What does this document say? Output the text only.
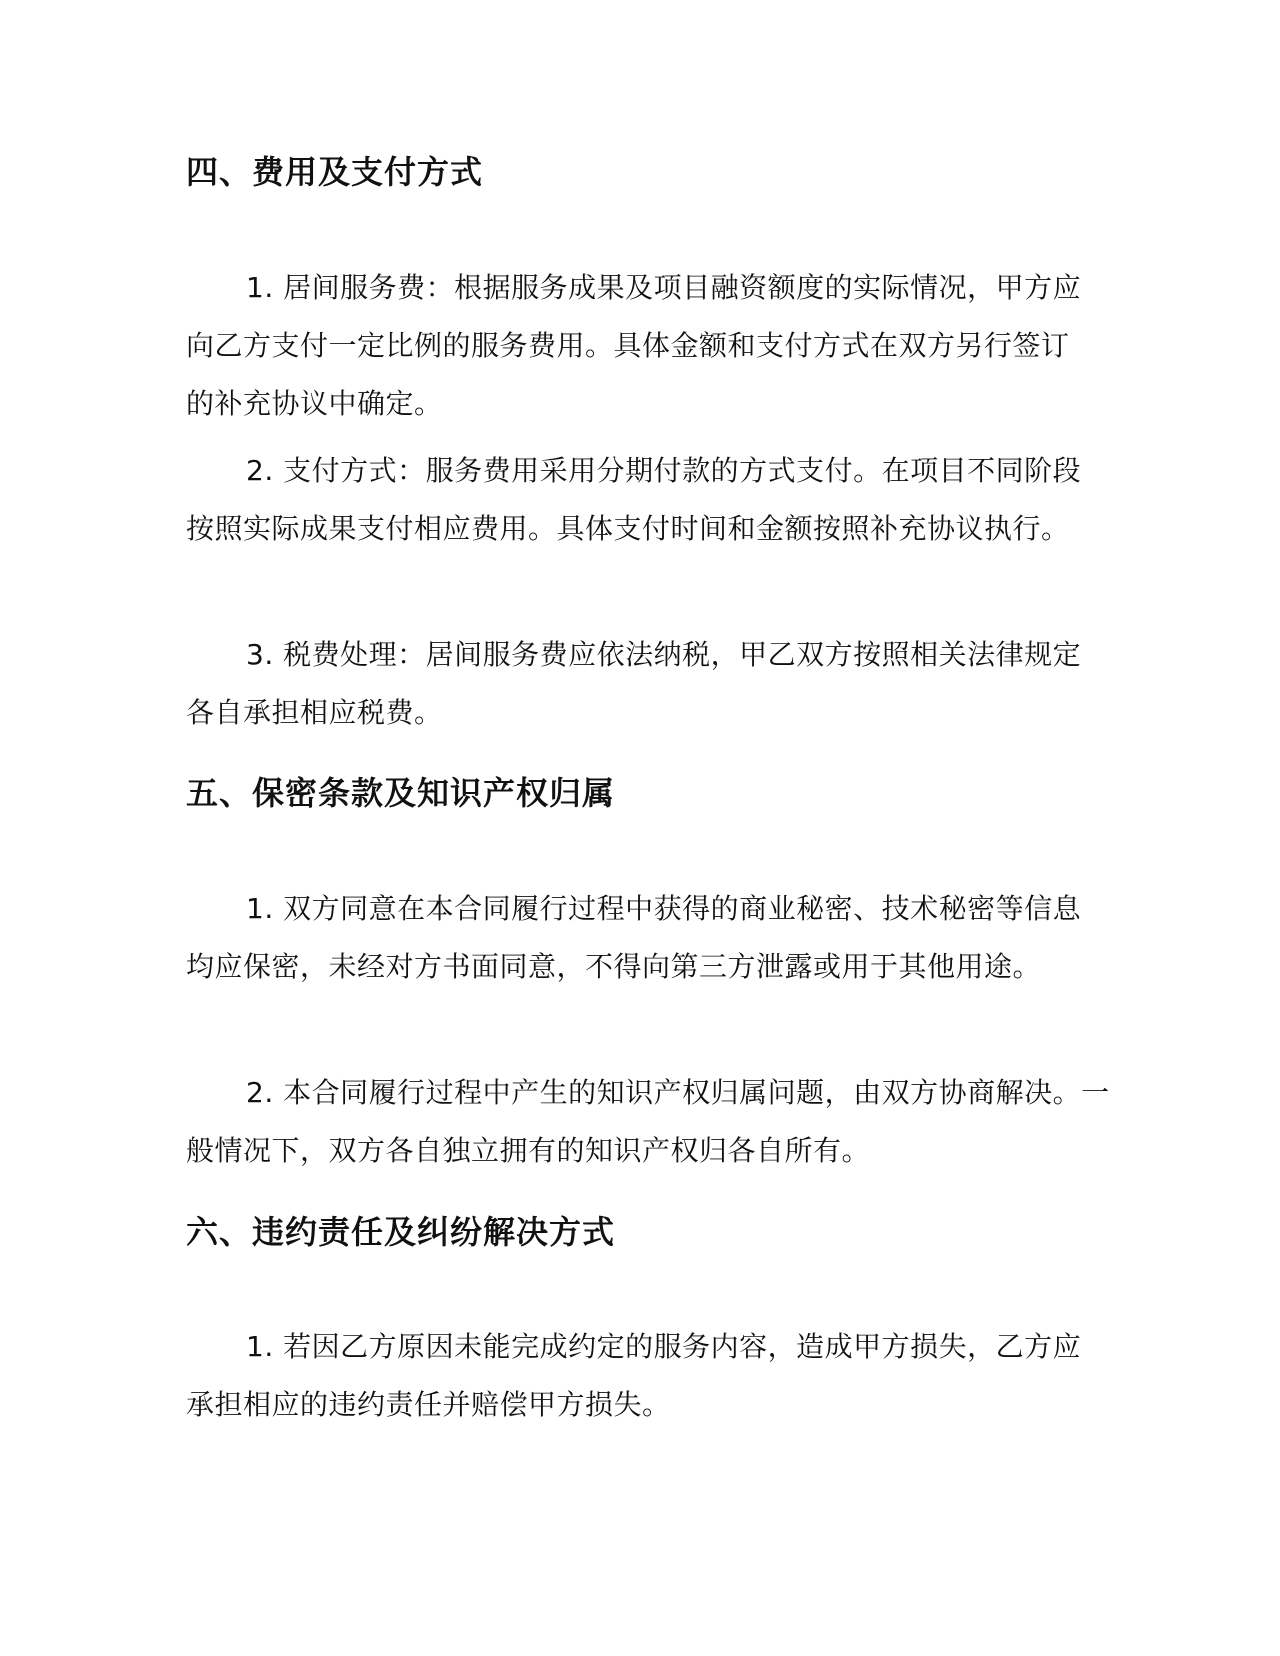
四、费用及支付方式

1. 居间服务费：根据服务成果及项目融资额度的实际情况，甲方应向乙方支付一定比例的服务费用。具体金额和支付方式在双方另行签订的补充协议中确定。

2. 支付方式：服务费用采用分期付款的方式支付。在项目不同阶段按照实际成果支付相应费用。具体支付时间和金额按照补充协议执行。

3. 税费处理：居间服务费应依法纳税，甲乙双方按照相关法律规定各自承担相应税费。

五、保密条款及知识产权归属

1. 双方同意在本合同履行过程中获得的商业秘密、技术秘密等信息均应保密，未经对方书面同意，不得向第三方泄露或用于其他用途。

2. 本合同履行过程中产生的知识产权归属问题，由双方协商解决。一般情况下，双方各自独立拥有的知识产权归各自所有。

六、违约责任及纠纷解决方式

1. 若因乙方原因未能完成约定的服务内容，造成甲方损失，乙方应承担相应的违约责任并赔偿甲方损失。
